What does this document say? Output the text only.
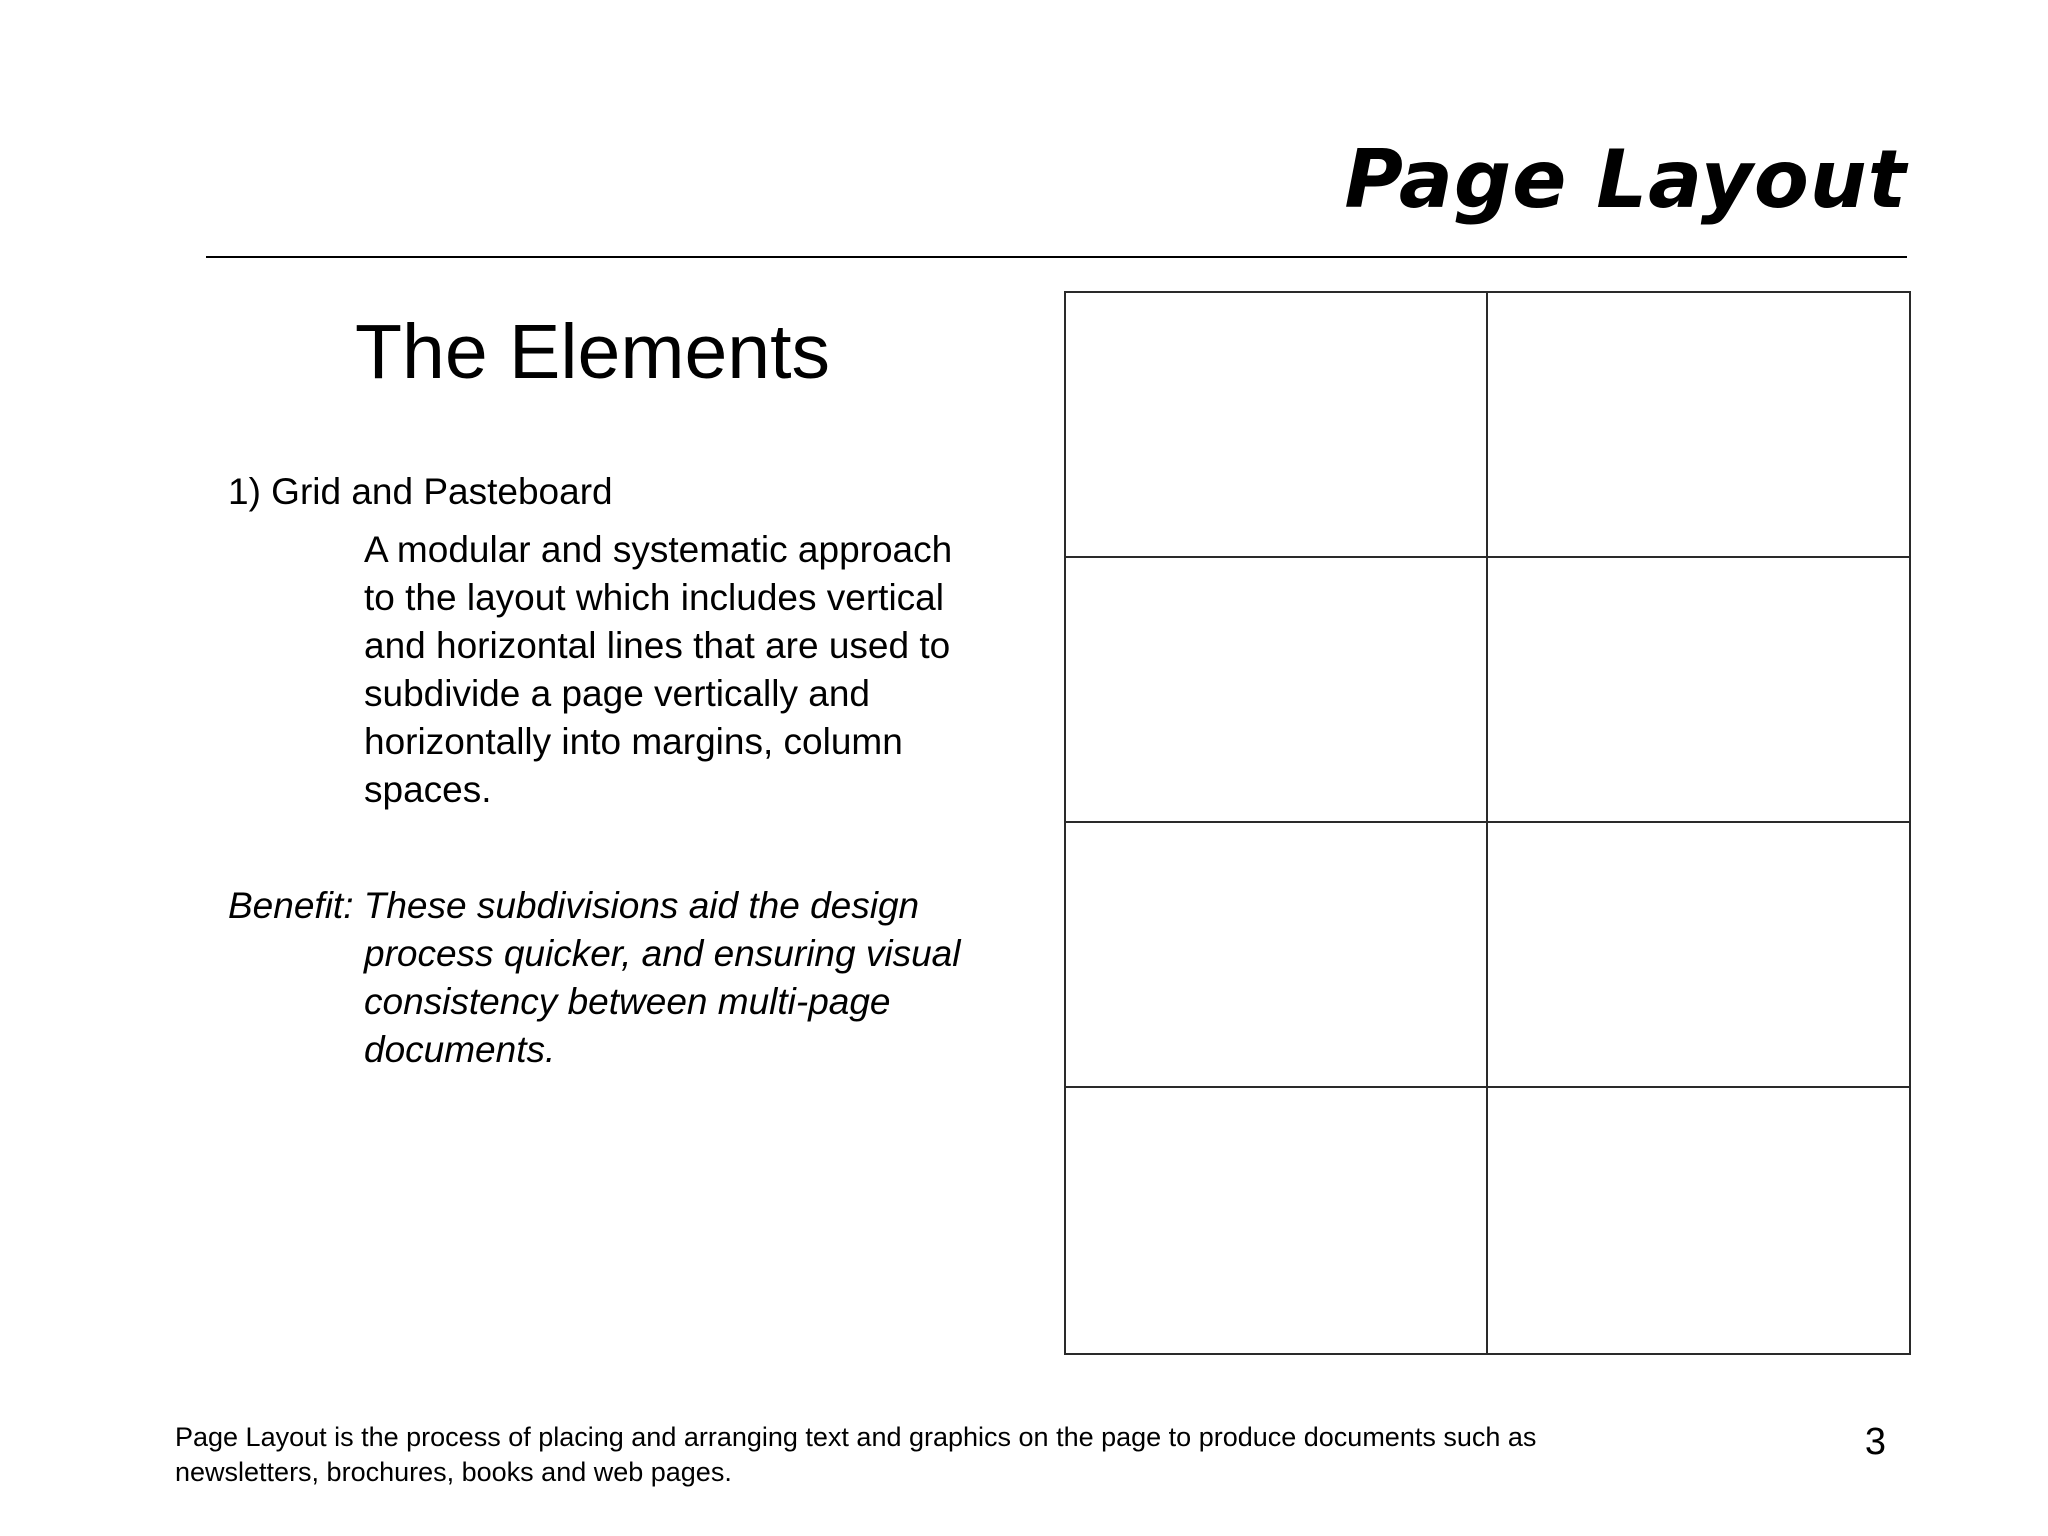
Page Layout
The Elements
1) Grid and Pasteboard
A modular and systematic approach to the layout which includes vertical and horizontal lines that are used to subdivide a page vertically and horizontally into margins, column spaces.
Benefit: These subdivisions aid the design process quicker, and ensuring visual consistency between multi-page documents.
Page Layout is the process of placing and arranging text and graphics on the page to produce documents such as newsletters, brochures, books and web pages.
3
